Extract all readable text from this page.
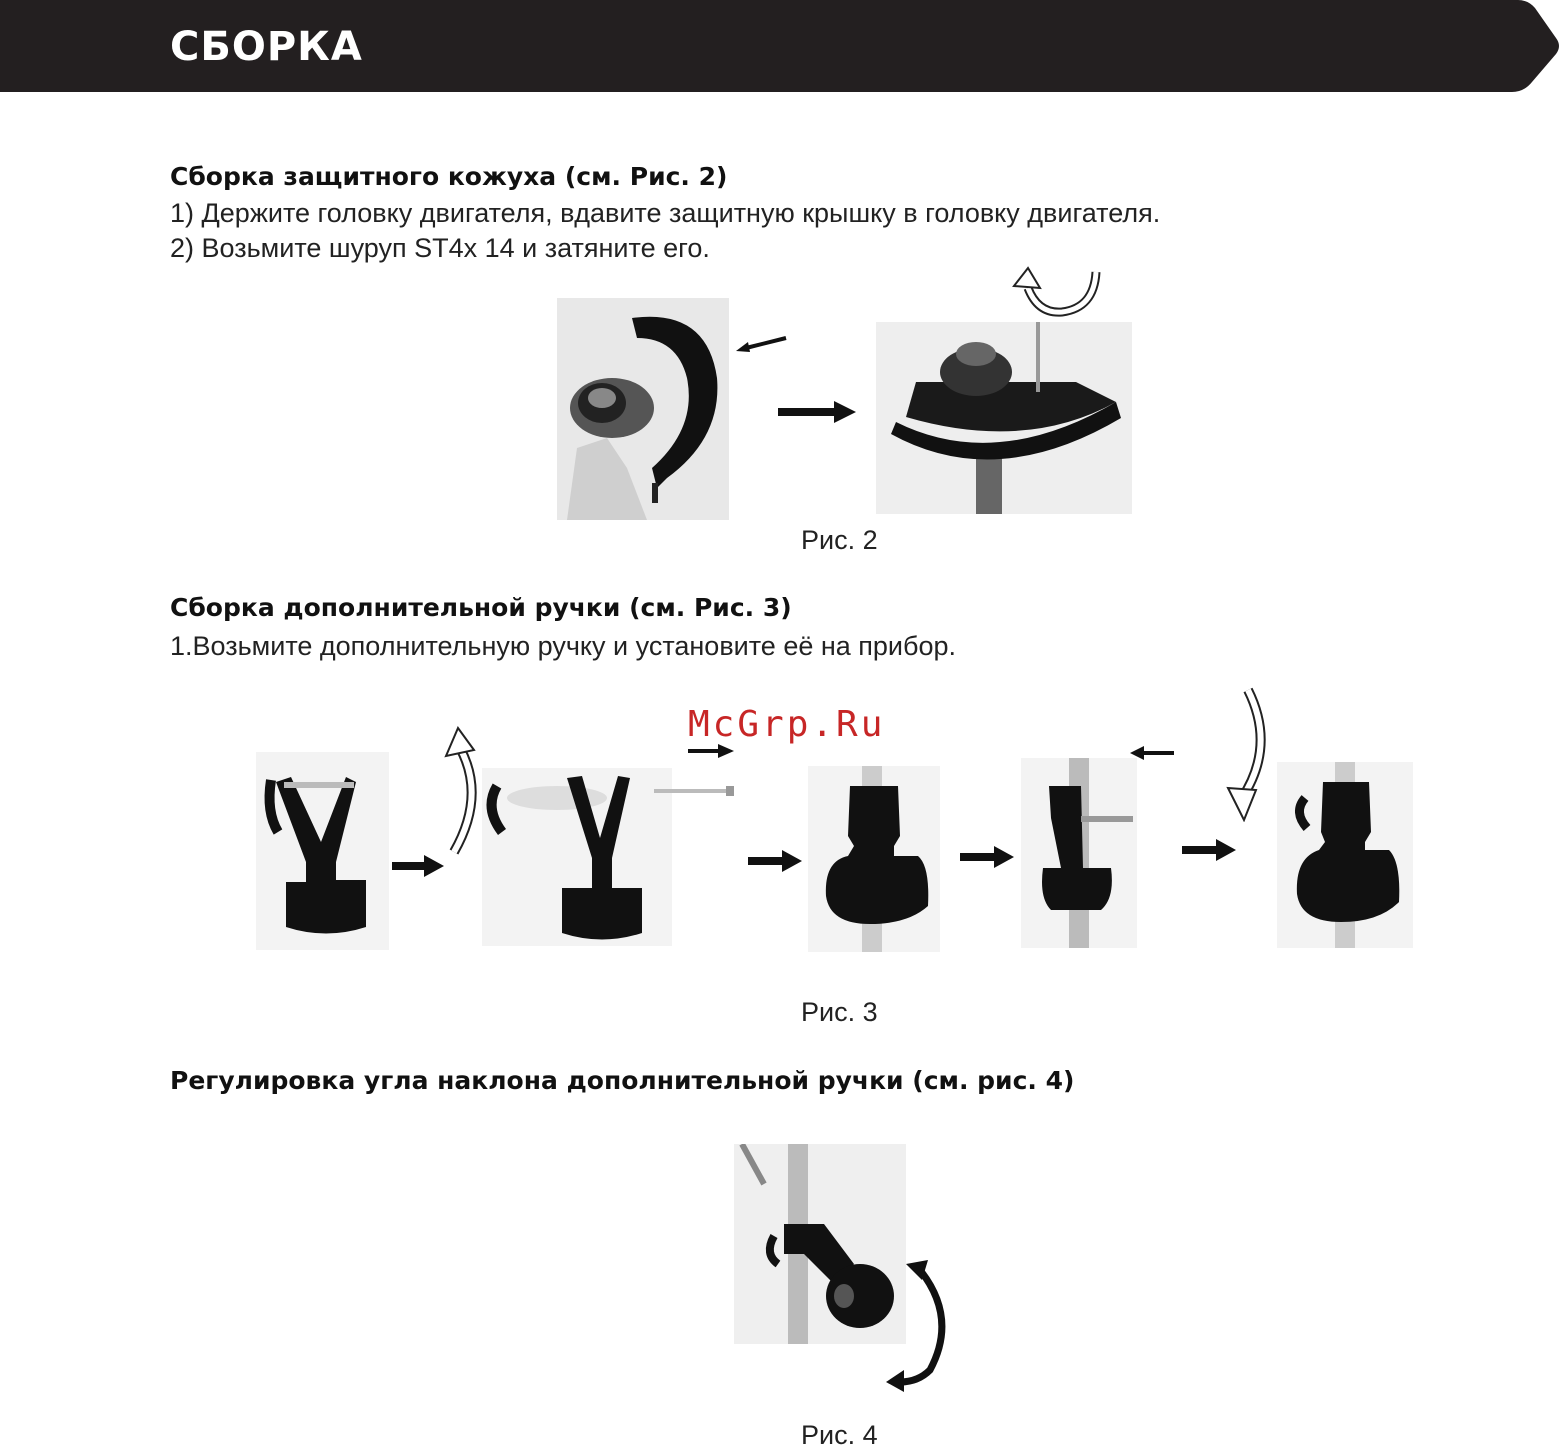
СБОРКА
Сборка защитного кожуха (см. Рис. 2)
1) Держите головку двигателя, вдавите защитную крышку в головку двигателя.
2) Возьмите шуруп ST4x 14 и затяните его.
Рис. 2
Сборка дополнительной ручки (см. Рис. 3)
1.Возьмите дополнительную ручку и установите её на прибор.
McGrp.Ru
Рис. 3
Регулировка угла наклона дополнительной ручки (см. рис. 4)
Рис. 4
